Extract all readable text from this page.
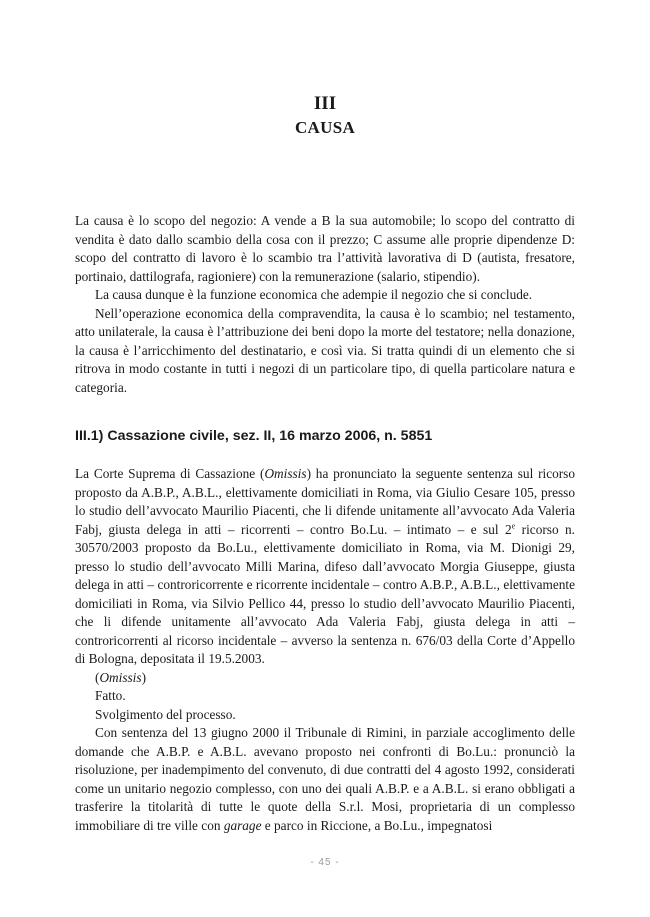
III
CAUSA

La causa è lo scopo del negozio: A vende a B la sua automobile; lo scopo del contratto di vendita è dato dallo scambio della cosa con il prezzo; C assume alle proprie dipendenze D: scopo del contratto di lavoro è lo scambio tra l’attività lavorativa di D (autista, fresatore, portinaio, dattilografa, ragioniere) con la remunerazione (salario, stipendio).

La causa dunque è la funzione economica che adempie il negozio che si conclude.

Nell’operazione economica della compravendita, la causa è lo scambio; nel testamento, atto unilaterale, la causa è l’attribuzione dei beni dopo la morte del testatore; nella donazione, la causa è l’arricchimento del destinatario, e così via. Si tratta quindi di un elemento che si ritrova in modo costante in tutti i negozi di un particolare tipo, di quella particolare natura e categoria.

III.1) Cassazione civile, sez. II, 16 marzo 2006, n. 5851

La Corte Suprema di Cassazione (Omissis) ha pronunciato la seguente sentenza sul ricorso proposto da A.B.P., A.B.L., elettivamente domiciliati in Roma, via Giulio Cesare 105, presso lo studio dell’avvocato Maurilio Piacenti, che li difende unitamente all’avvocato Ada Valeria Fabj, giusta delega in atti – ricorrenti – contro Bo.Lu. – intimato – e sul 2e ricorso n. 30570/2003 proposto da Bo.Lu., elettivamente domiciliato in Roma, via M. Dionigi 29, presso lo studio dell’avvocato Milli Marina, difeso dall’avvocato Morgia Giuseppe, giusta delega in atti – controricorrente e ricorrente incidentale – contro A.B.P., A.B.L., elettivamente domiciliati in Roma, via Silvio Pellico 44, presso lo studio dell’avvocato Maurilio Piacenti, che li difende unitamente all’avvocato Ada Valeria Fabj, giusta delega in atti – controricorrenti al ricorso incidentale – avverso la sentenza n. 676/03 della Corte d’Appello di Bologna, depositata il 19.5.2003.

(Omissis)

Fatto.

Svolgimento del processo.

Con sentenza del 13 giugno 2000 il Tribunale di Rimini, in parziale accoglimento delle domande che A.B.P. e A.B.L. avevano proposto nei confronti di Bo.Lu.: pronunciò la risoluzione, per inadempimento del convenuto, di due contratti del 4 agosto 1992, considerati come un unitario negozio complesso, con uno dei quali A.B.P. e a A.B.L. si erano obbligati a trasferire la titolarità di tutte le quote della S.r.l. Mosi, proprietaria di un complesso immobiliare di tre ville con garage e parco in Riccione, a Bo.Lu., impegnatosi

- 45 -
